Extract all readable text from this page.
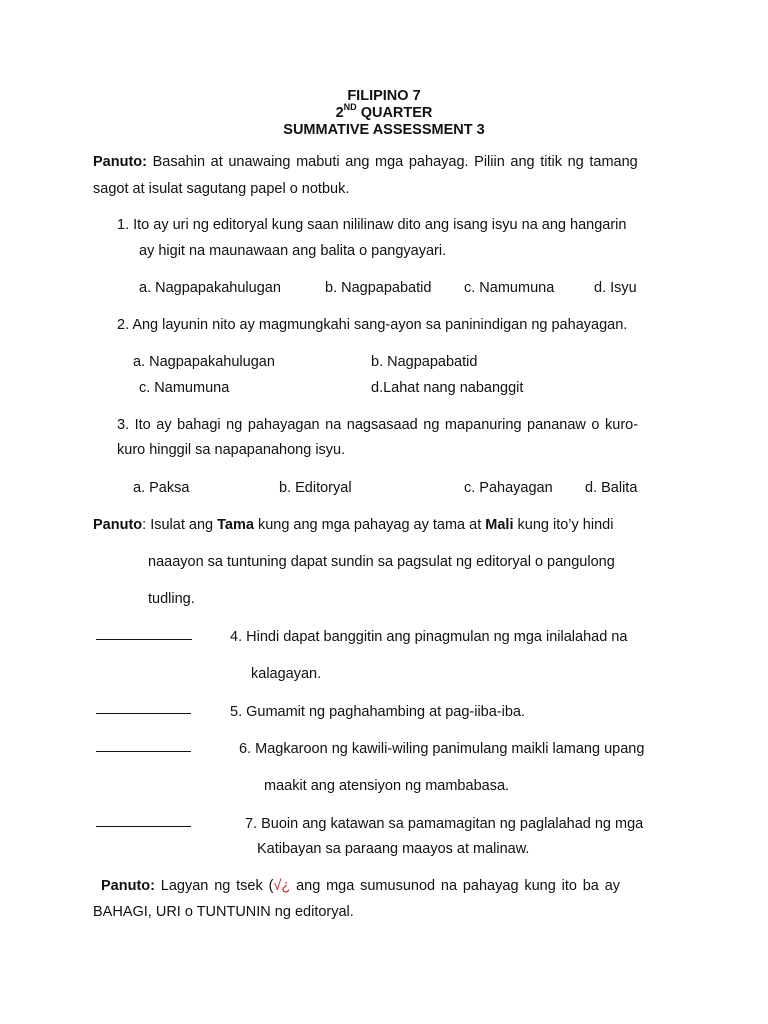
FILIPINO 7
2ND QUARTER
SUMMATIVE ASSESSMENT 3
Panuto: Basahin at unawaing mabuti ang mga pahayag. Piliin ang titik ng tamang
sagot at isulat sagutang papel o notbuk.
1. Ito ay uri ng editoryal kung saan nililinaw dito ang isang isyu na ang hangarin
ay higit na maunawaan ang balita o pangyayari.
a. Nagpapakahulugan	b. Nagpapabatid c. Namumuna	d. Isyu
2. Ang layunin nito ay magmungkahi sang-ayon sa paninindigan ng pahayagan.
a. Nagpapakahulugan	b. Nagpapabatid
c. Namumuna	d.Lahat nang nabanggit
3. Ito ay bahagi ng pahayagan na nagsasaad ng mapanuring pananaw o kuro-
kuro hinggil sa napapanahong isyu.
a. Paksa	b. Editoryal	c. Pahayagan d. Balita
Panuto: Isulat ang Tama kung ang mga pahayag ay tama at Mali kung ito’y hindi
naaayon sa tuntuning dapat sundin sa pagsulat ng editoryal o pangulong
tudling.
4. Hindi dapat banggitin ang pinagmulan ng mga inilalahad na
kalagayan.
5. Gumamit ng paghahambing at pag-iiba-iba.
6. Magkaroon ng kawili-wiling panimulang maikli lamang upang
maakit ang atensiyon ng mambabasa.
7. Buoin ang katawan sa pamamagitan ng paglalahad ng mga
Katibayan sa paraang maayos at malinaw.
Panuto: Lagyan ng tsek (√¿ ang mga sumusunod na pahayag kung ito ba ay
BAHAGI, URI o TUNTUNIN ng editoryal.
